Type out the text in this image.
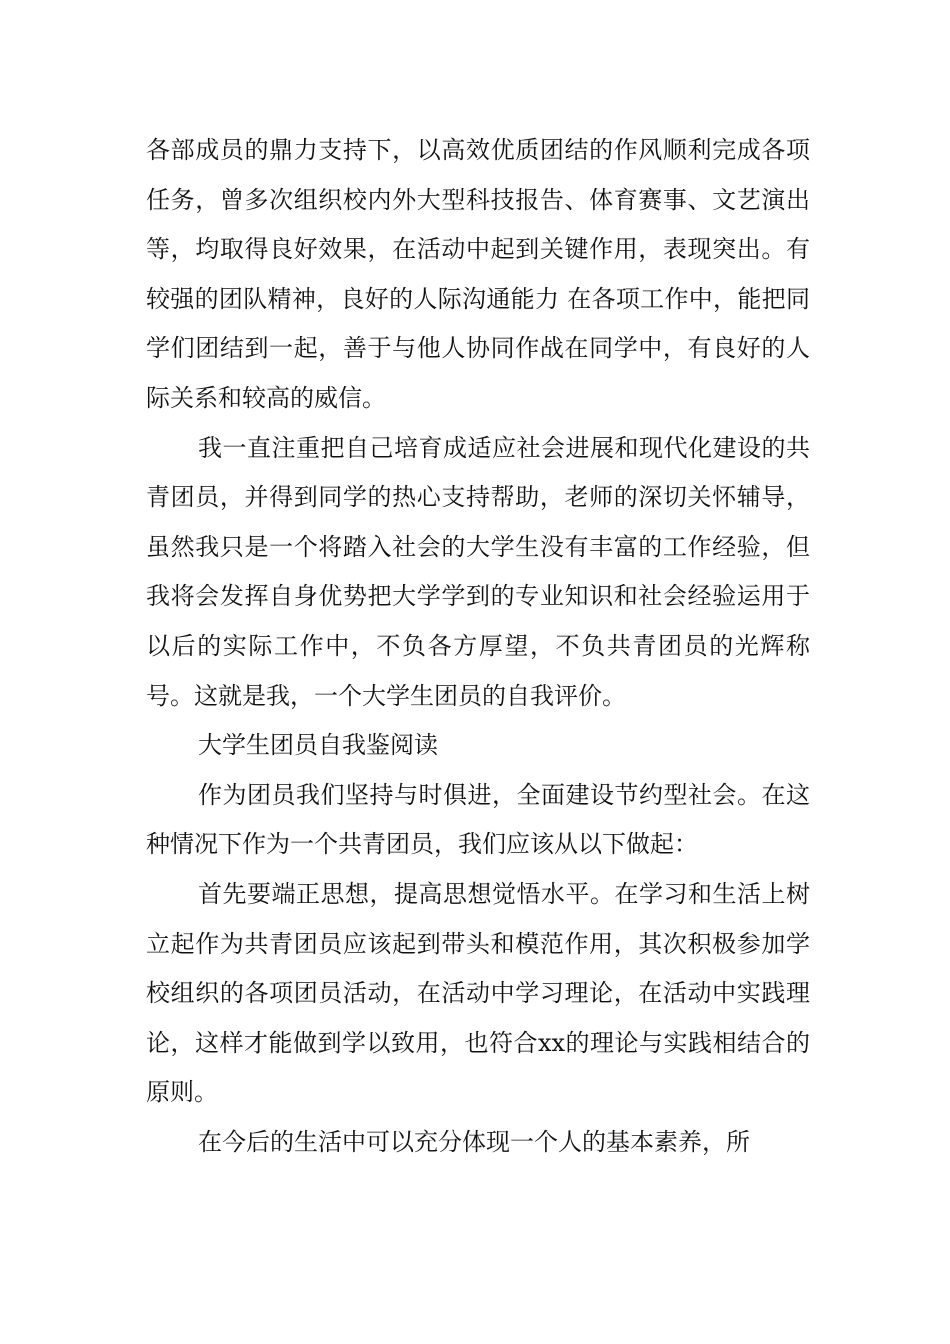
各部成员的鼎力支持下，以高效优质团结的作风顺利完成各项任务，曾多次组织校内外大型科技报告、体育赛事、文艺演出等，均取得良好效果，在活动中起到关键作用，表现突出。有较强的团队精神，良好的人际沟通能力 在各项工作中，能把同学们团结到一起，善于与他人协同作战在同学中，有良好的人际关系和较高的威信。

我一直注重把自己培育成适应社会进展和现代化建设的共青团员，并得到同学的热心支持帮助，老师的深切关怀辅导，虽然我只是一个将踏入社会的大学生没有丰富的工作经验，但我将会发挥自身优势把大学学到的专业知识和社会经验运用于以后的实际工作中，不负各方厚望，不负共青团员的光辉称号。这就是我，一个大学生团员的自我评价。

大学生团员自我鉴阅读

作为团员我们坚持与时俱进，全面建设节约型社会。在这种情况下作为一个共青团员，我们应该从以下做起：

首先要端正思想，提高思想觉悟水平。在学习和生活上树立起作为共青团员应该起到带头和模范作用，其次积极参加学校组织的各项团员活动，在活动中学习理论，在活动中实践理论，这样才能做到学以致用，也符合xx的理论与实践相结合的原则。

在今后的生活中可以充分体现一个人的基本素养，所
